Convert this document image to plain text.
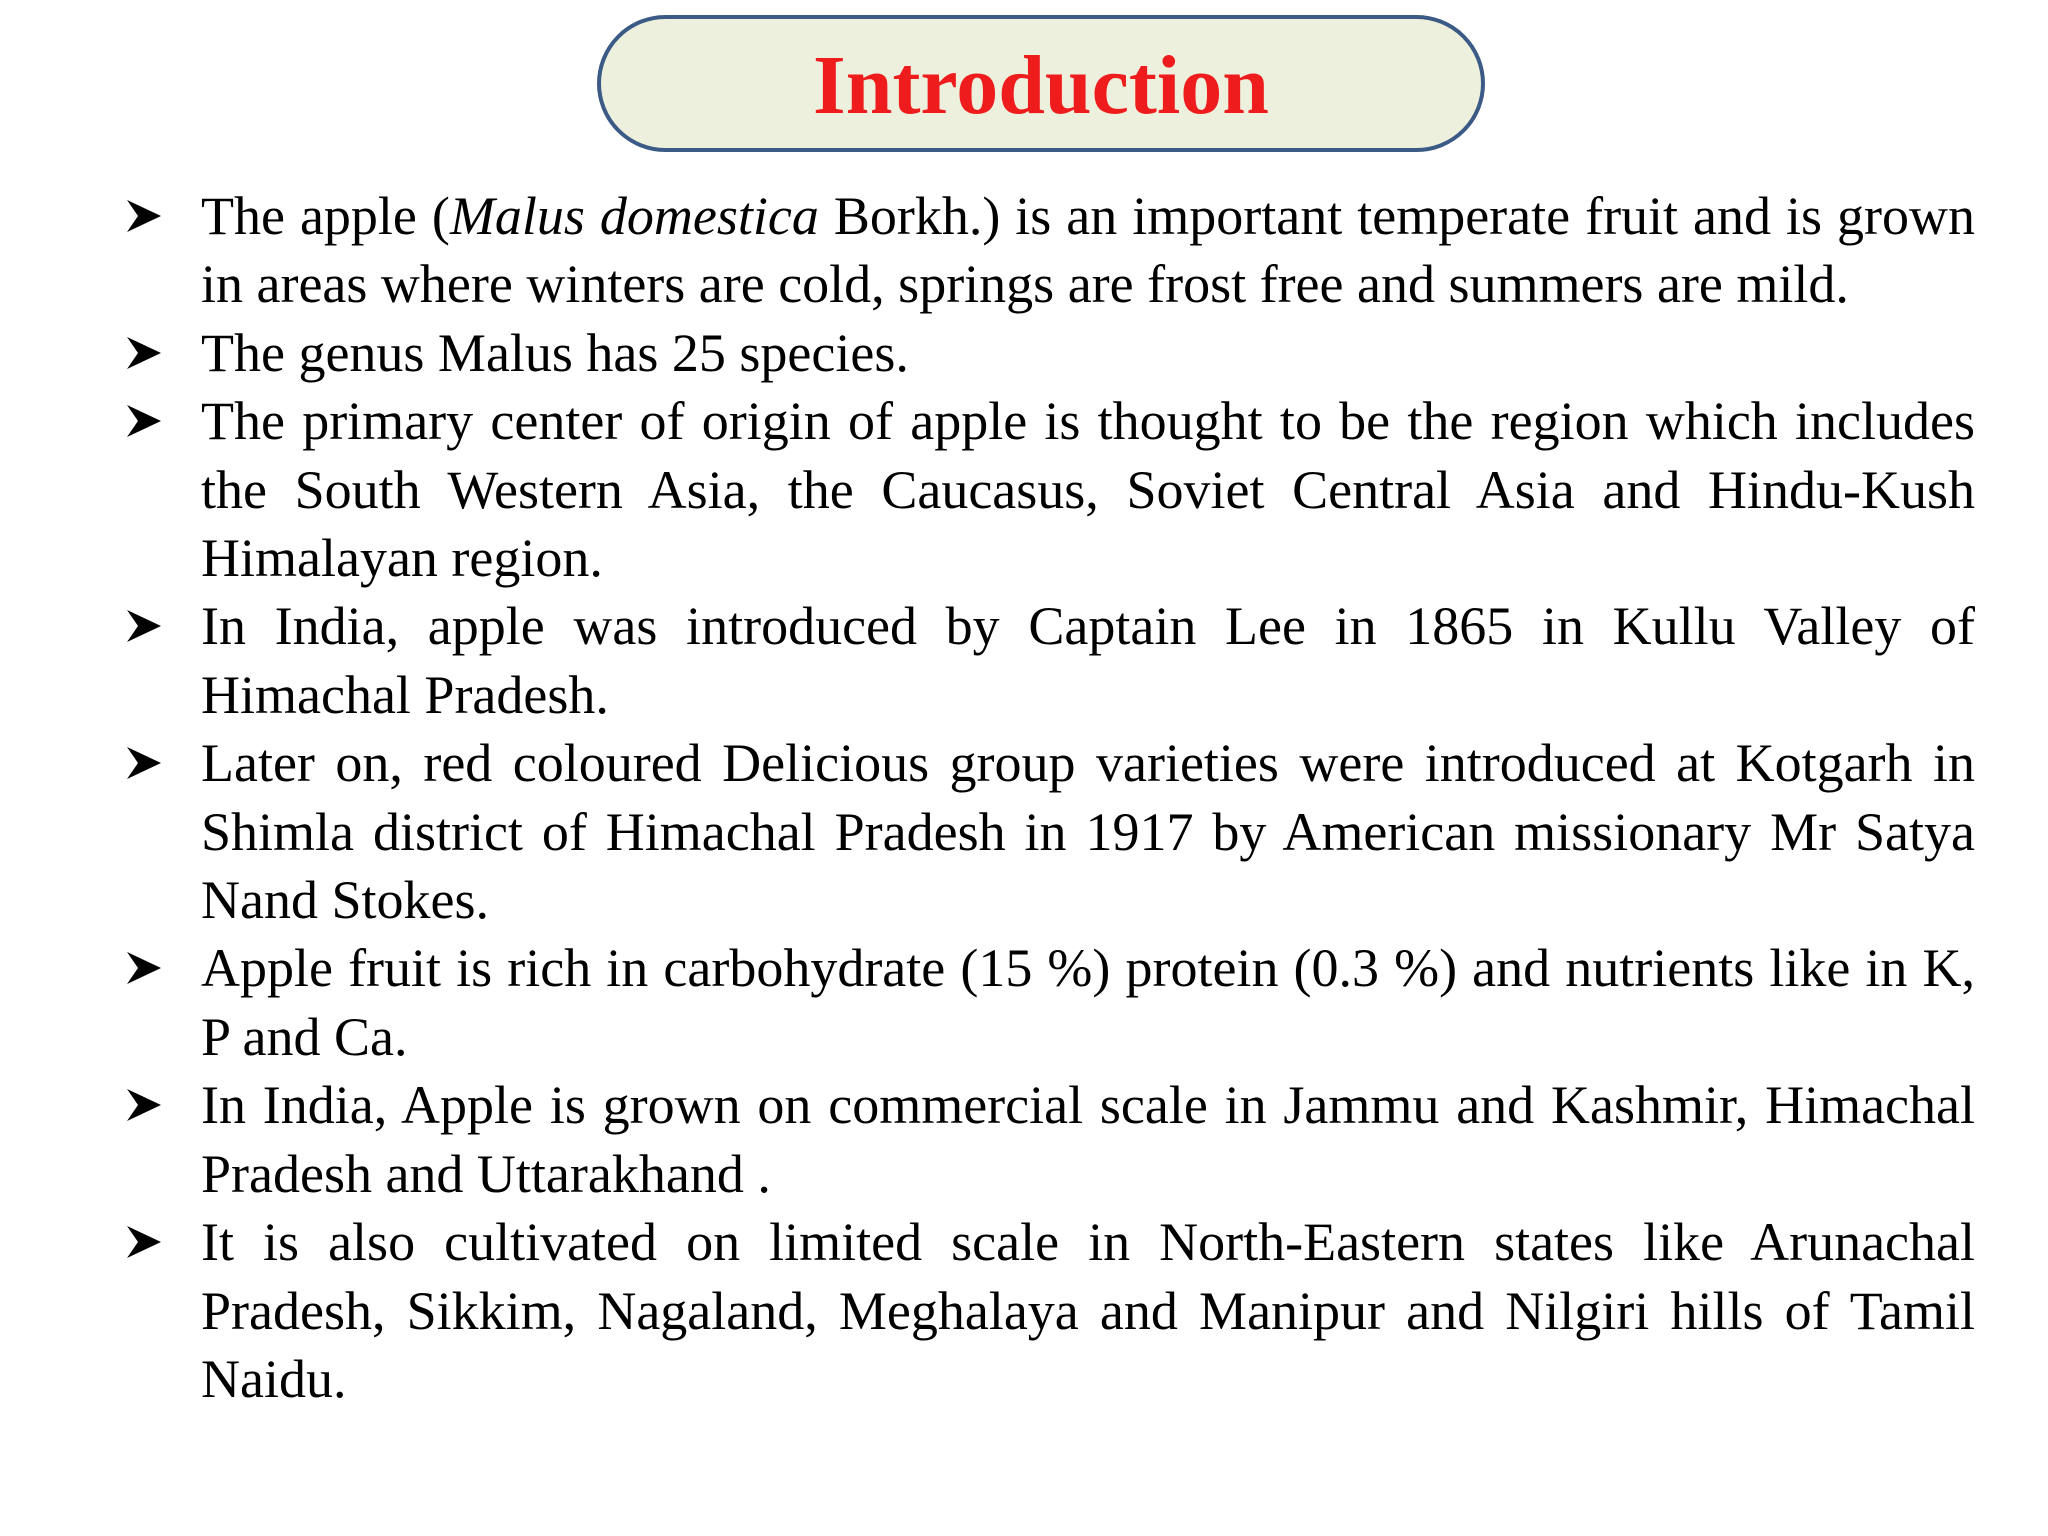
Introduction
The apple (Malus domestica Borkh.) is an important temperate fruit and is grown in areas where winters are cold, springs are frost free and summers are mild.
The genus Malus has 25 species.
The primary center of origin of apple is thought to be the region which includes the South Western Asia, the Caucasus, Soviet Central Asia and Hindu-Kush Himalayan region.
In India, apple was introduced by Captain Lee in 1865 in Kullu Valley of Himachal Pradesh.
Later on, red coloured Delicious group varieties were introduced at Kotgarh in Shimla district of Himachal Pradesh in 1917 by American missionary Mr Satya Nand Stokes.
Apple fruit is rich in carbohydrate (15 %) protein (0.3 %) and nutrients like in K, P and Ca.
In India, Apple is grown on commercial scale in Jammu and Kashmir, Himachal Pradesh and Uttarakhand .
It is also cultivated on limited scale in North-Eastern states like Arunachal Pradesh, Sikkim, Nagaland, Meghalaya and Manipur and Nilgiri hills of Tamil Naidu.
